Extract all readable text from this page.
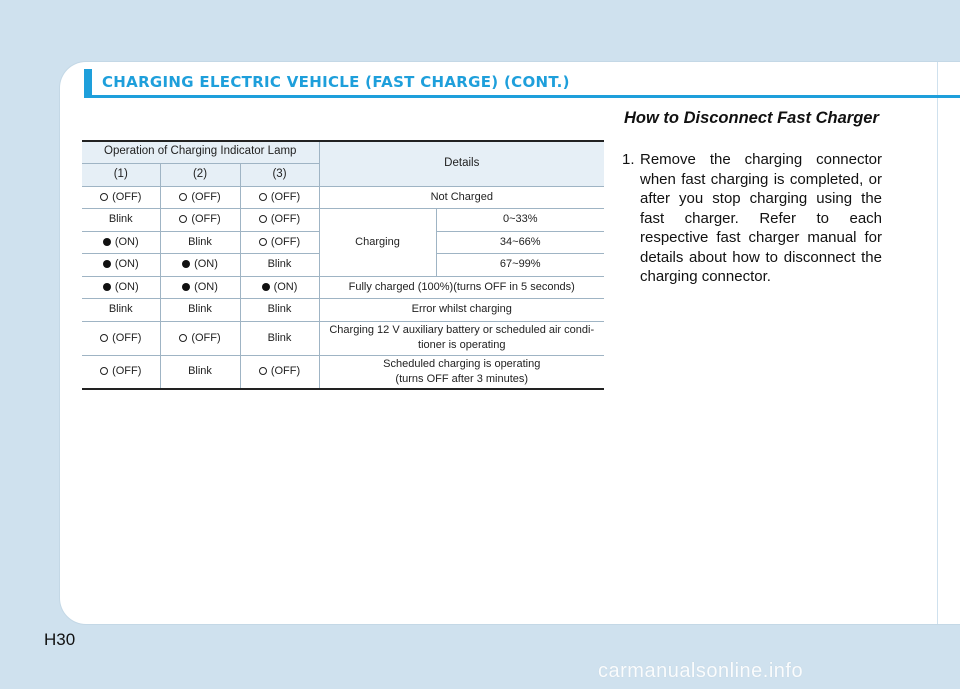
CHARGING ELECTRIC VEHICLE (FAST CHARGE) (CONT.)
Operation of Charging Indicator Lamp			Details	
(1)	(2)	(3)		
(OFF)	(OFF)	(OFF)	Not Charged	
Blink	(OFF)	(OFF)	Charging	0~33%
(ON)	Blink	(OFF)		34~66%
(ON)	(ON)	Blink		67~99%
(ON)	(ON)	(ON)	Fully charged (100%)(turns OFF in 5 seconds)	
Blink	Blink	Blink	Error whilst charging	
(OFF)	(OFF)	Blink	Charging 12 V auxiliary battery or scheduled air condi-
tioner is operating	
(OFF)	Blink	(OFF)	Scheduled charging is operating
(turns OFF after 3 minutes)	
How to Disconnect Fast Charger
1. Remove the charging connector when fast charging is completed, or after you stop charging using the fast charger. Refer to each respective fast charger manual for details about how to disconnect the charging connector.
H30
carmanualsonline.info
